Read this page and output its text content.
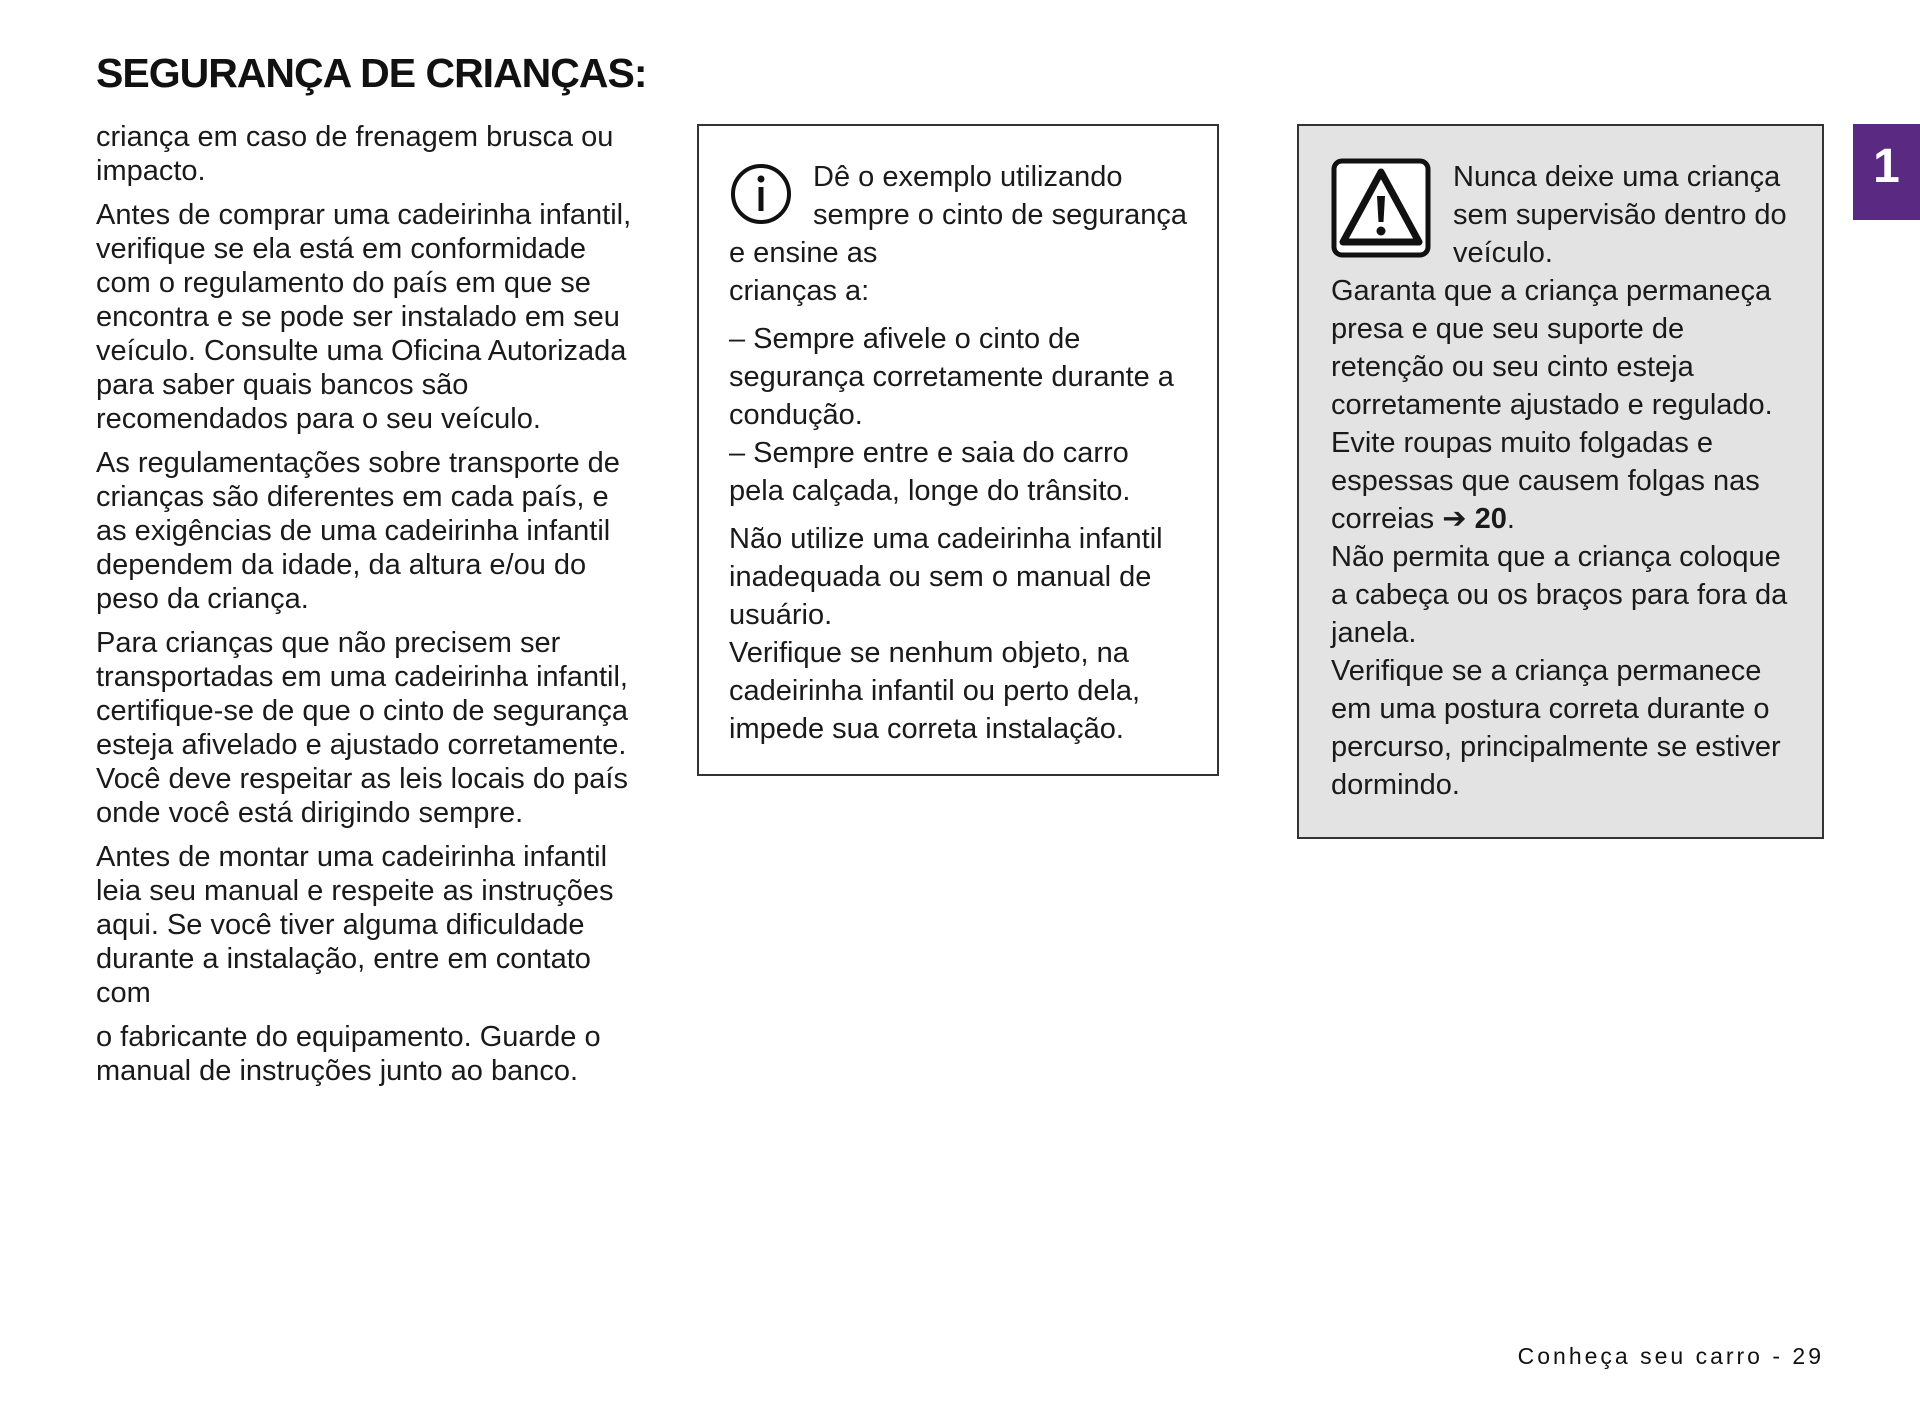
SEGURANÇA DE CRIANÇAS:

criança em caso de frenagem brusca ou impacto.

Antes de comprar uma cadeirinha infantil, verifique se ela está em conformidade com o regulamento do país em que se encontra e se pode ser instalado em seu veículo. Consulte uma Oficina Autorizada para saber quais bancos são recomendados para o seu veículo.

As regulamentações sobre transporte de crianças são diferentes em cada país, e as exigências de uma cadeirinha infantil dependem da idade, da altura e/ou do peso da criança.

Para crianças que não precisem ser transportadas em uma cadeirinha infantil, certifique-se de que o cinto de segurança esteja afivelado e ajustado corretamente. Você deve respeitar as leis locais do país onde você está dirigindo sempre.

Antes de montar uma cadeirinha infantil leia seu manual e respeite as instruções aqui. Se você tiver alguma dificuldade durante a instalação, entre em contato com

o fabricante do equipamento. Guarde o manual de instruções junto ao banco.

Dê o exemplo utilizando sempre o cinto de segurança e ensine as

crianças a:

– Sempre afivele o cinto de segurança corretamente durante a condução.

– Sempre entre e saia do carro pela calçada, longe do trânsito.

Não utilize uma cadeirinha infantil inadequada ou sem o manual de usuário.

Verifique se nenhum objeto, na cadeirinha infantil ou perto dela, impede sua correta instalação.

Nunca deixe uma criança sem supervisão dentro do veículo.

Garanta que a criança permaneça presa e que seu suporte de retenção ou seu cinto esteja corretamente ajustado e regulado. Evite roupas muito folgadas e espessas que causem folgas nas correias ➔ 20.

Não permita que a criança coloque a cabeça ou os braços para fora da janela.

Verifique se a criança permanece em uma postura correta durante o percurso, principalmente se estiver dormindo.

1
Conheça seu carro - 29
